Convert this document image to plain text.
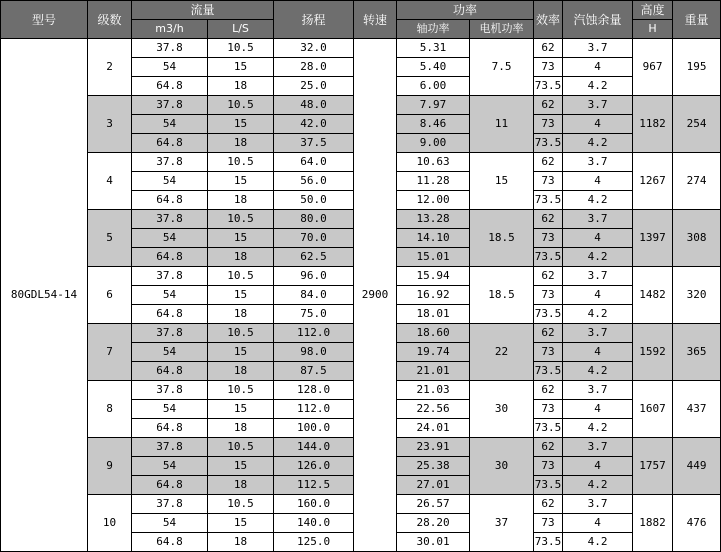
型号	级数	流量		扬程	转速	功率		效率	汽蚀余量	高度	重量
		m3/h	L/S			轴功率	电机功率			H	
80GDL54-14	2	37.8	10.5	32.0	2900	5.31	7.5	62	3.7	967	195
		54	15	28.0		5.40		73	4		
		64.8	18	25.0		6.00		73.5	4.2		
	3	37.8	10.5	48.0		7.97	11	62	3.7	1182	254
		54	15	42.0		8.46		73	4		
		64.8	18	37.5		9.00		73.5	4.2		
	4	37.8	10.5	64.0		10.63	15	62	3.7	1267	274
		54	15	56.0		11.28		73	4		
		64.8	18	50.0		12.00		73.5	4.2		
	5	37.8	10.5	80.0		13.28	18.5	62	3.7	1397	308
		54	15	70.0		14.10		73	4		
		64.8	18	62.5		15.01		73.5	4.2		
	6	37.8	10.5	96.0		15.94	18.5	62	3.7	1482	320
		54	15	84.0		16.92		73	4		
		64.8	18	75.0		18.01		73.5	4.2		
	7	37.8	10.5	112.0		18.60	22	62	3.7	1592	365
		54	15	98.0		19.74		73	4		
		64.8	18	87.5		21.01		73.5	4.2		
	8	37.8	10.5	128.0		21.03	30	62	3.7	1607	437
		54	15	112.0		22.56		73	4		
		64.8	18	100.0		24.01		73.5	4.2		
	9	37.8	10.5	144.0		23.91	30	62	3.7	1757	449
		54	15	126.0		25.38		73	4		
		64.8	18	112.5		27.01		73.5	4.2		
	10	37.8	10.5	160.0		26.57	37	62	3.7	1882	476
		54	15	140.0		28.20		73	4		
		64.8	18	125.0		30.01		73.5	4.2		
